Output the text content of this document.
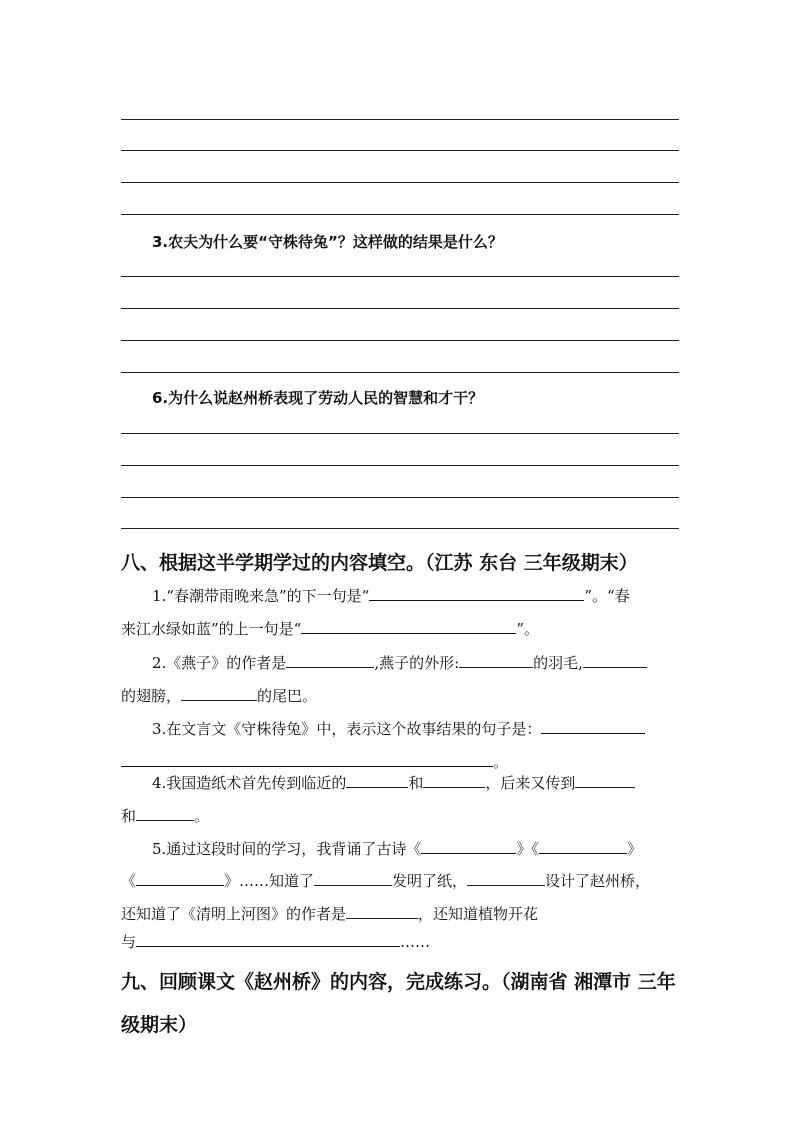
3.农夫为什么要“守株待兔”？这样做的结果是什么？
6.为什么说赵州桥表现了劳动人民的智慧和才干？
八、根据这半学期学过的内容填空。（江苏 东台 三年级期末）
1.“春潮带雨晚来急”的下一句是“	”。“春
来江水绿如蓝”的上一句是“	”。
2.《燕子》的作者是	,燕子的外形:	的羽毛,
的翅膀，	的尾巴。
3.在文言文《守株待兔》中，表示这个故事结果的句子是：
。
4.我国造纸术首先传到临近的	和	，后来又传到
和	。
5.通过这段时间的学习，我背诵了古诗《	》《	》
《	》……知道了	发明了纸，	设计了赵州桥，
还知道了《清明上河图》的作者是	，还知道植物开花
与	……
九、回顾课文《赵州桥》的内容，完成练习。（湖南省 湘潭市 三年
级期末）
